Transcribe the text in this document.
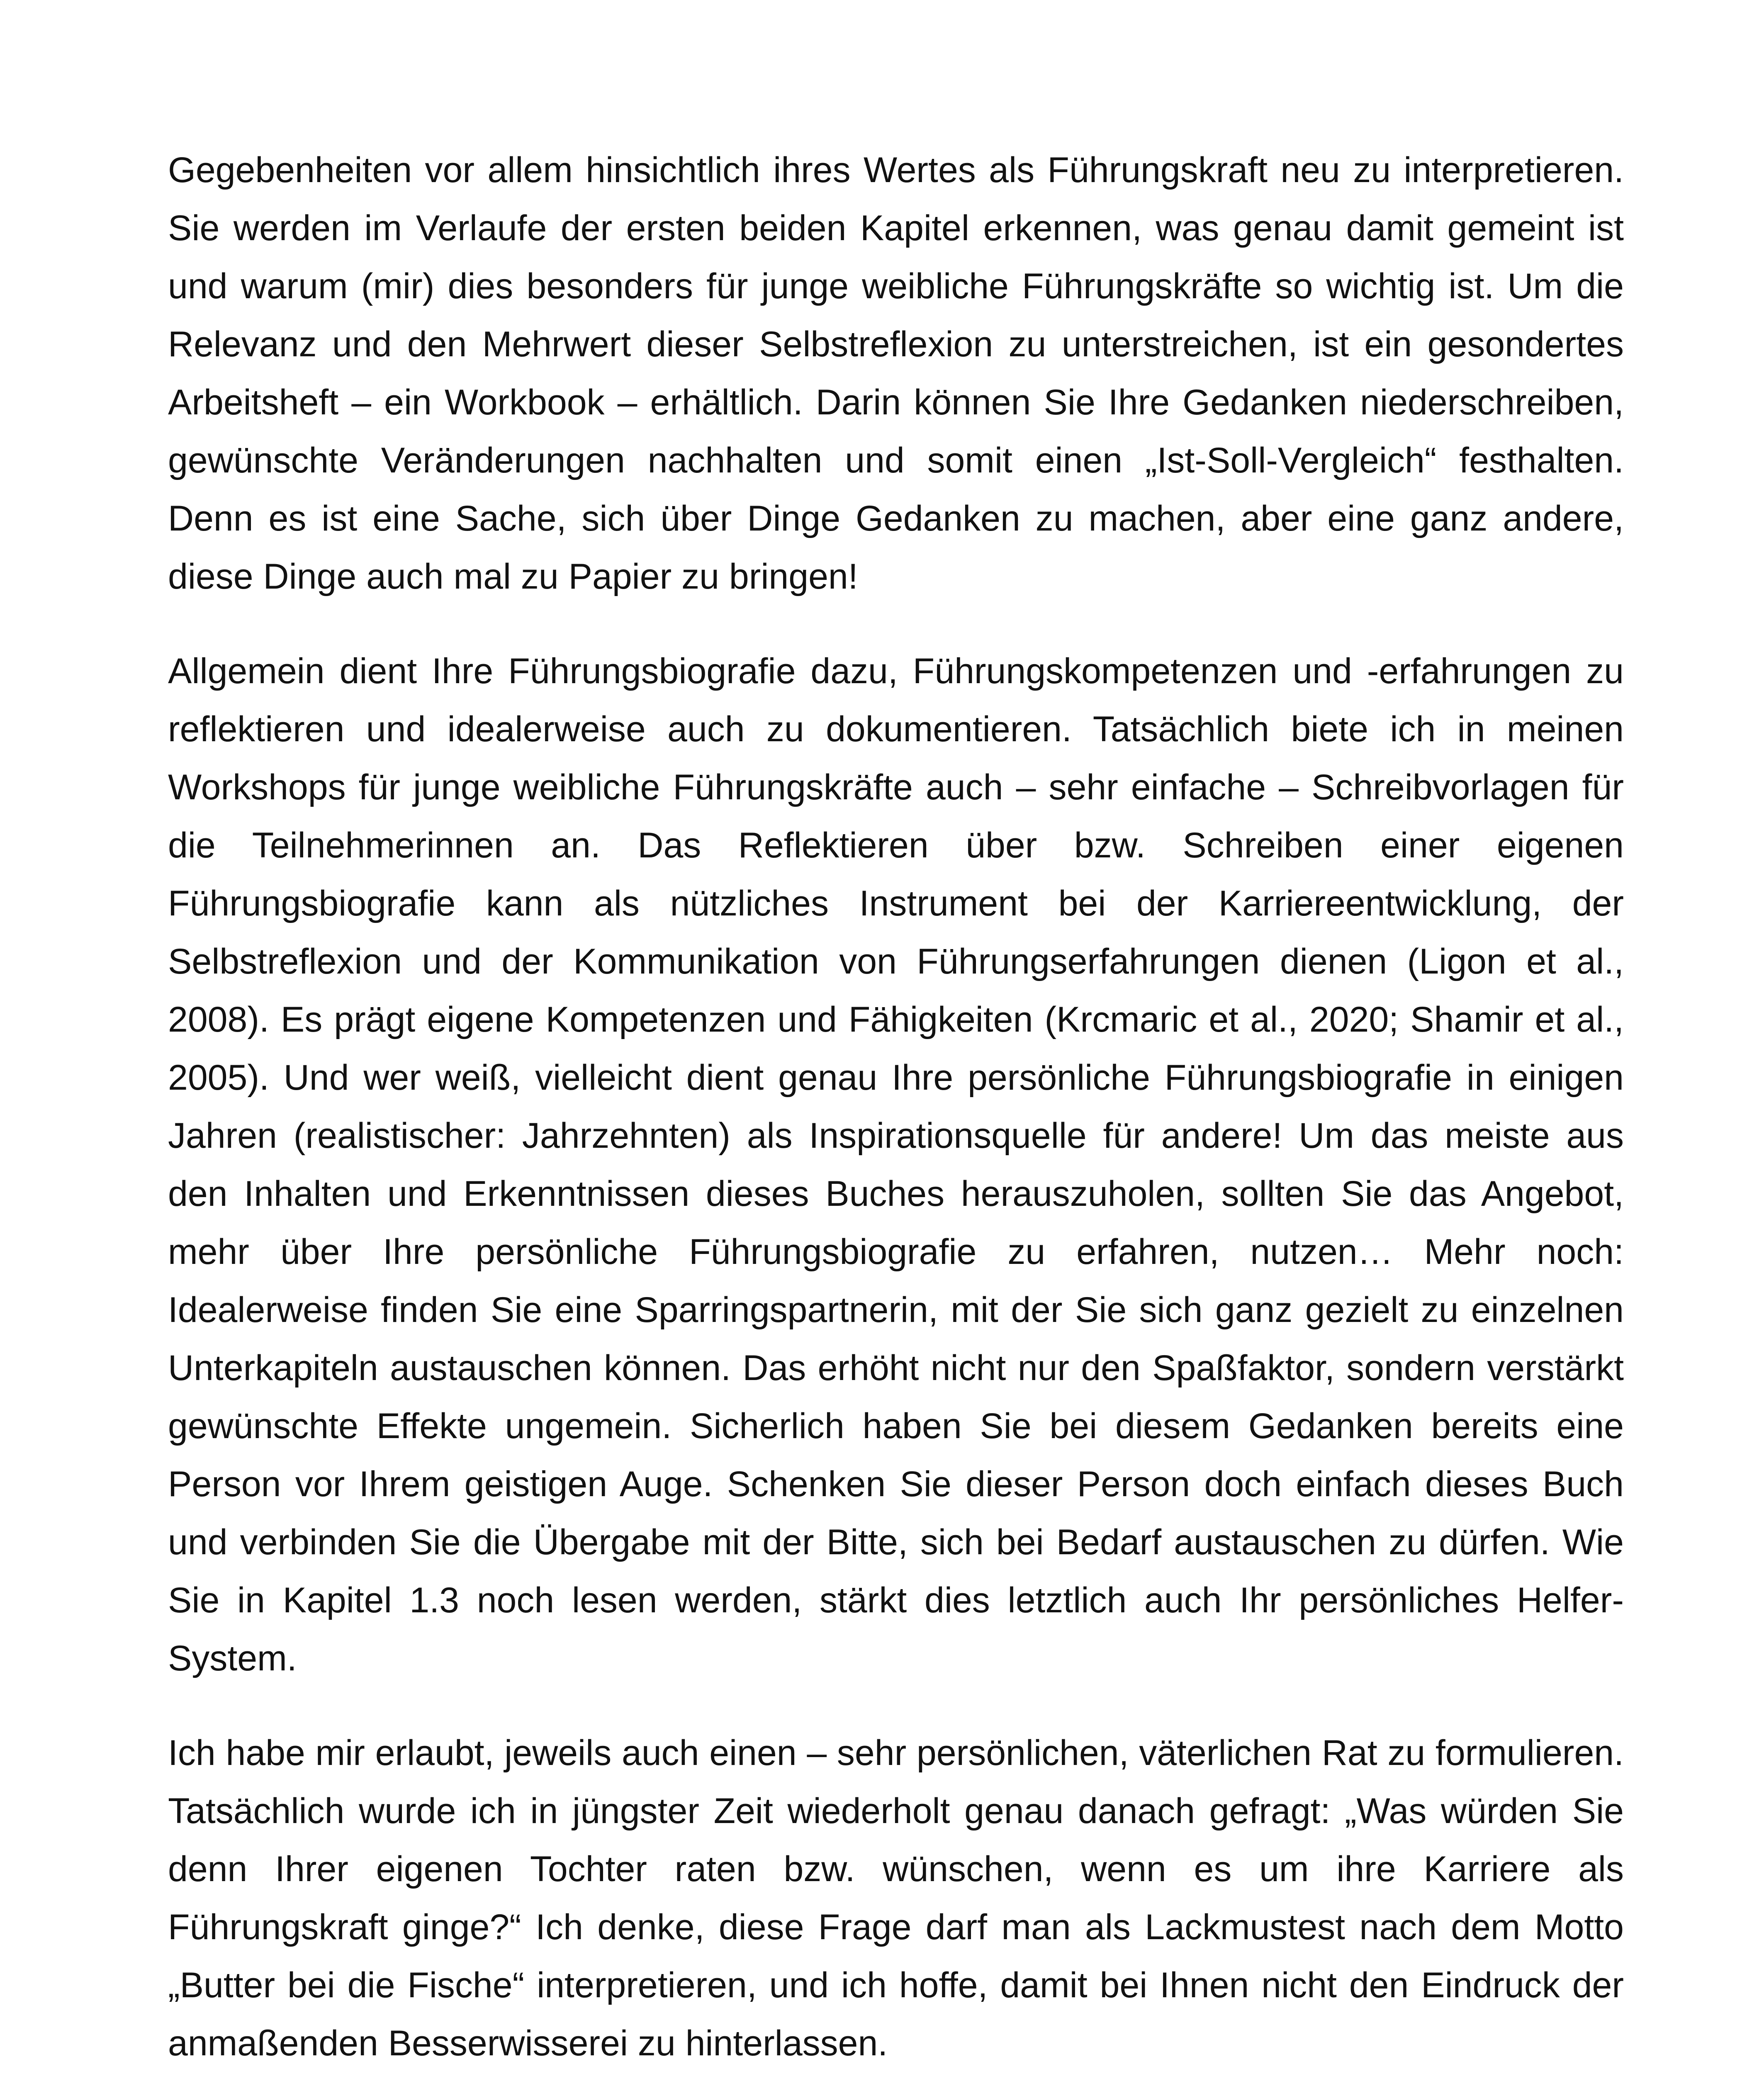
Gegebenheiten vor allem hinsichtlich ihres Wertes als Führungskraft neu zu interpretieren. Sie werden im Verlaufe der ersten beiden Kapitel erkennen, was genau damit gemeint ist und warum (mir) dies besonders für junge weibliche Führungskräfte so wichtig ist. Um die Relevanz und den Mehrwert dieser Selbstreflexion zu unterstreichen, ist ein gesondertes Arbeitsheft – ein Workbook – erhältlich. Darin können Sie Ihre Gedanken niederschreiben, gewünschte Veränderungen nachhalten und somit einen „Ist-Soll-Vergleich“ festhalten. Denn es ist eine Sache, sich über Dinge Gedanken zu machen, aber eine ganz andere, diese Dinge auch mal zu Papier zu bringen!

Allgemein dient Ihre Führungsbiografie dazu, Führungskompetenzen und -erfahrungen zu reflektieren und idealerweise auch zu dokumentieren. Tatsächlich biete ich in meinen Workshops für junge weibliche Führungskräfte auch – sehr einfache – Schreibvorlagen für die Teilnehmerinnen an. Das Reflektieren über bzw. Schreiben einer eigenen Führungsbiografie kann als nützliches Instrument bei der Karriereentwicklung, der Selbstreflexion und der Kommunikation von Führungserfahrungen dienen (Ligon et al., 2008). Es prägt eigene Kompetenzen und Fähigkeiten (Krcmaric et al., 2020; Shamir et al., 2005). Und wer weiß, vielleicht dient genau Ihre persönliche Führungsbiografie in einigen Jahren (realistischer: Jahrzehnten) als Inspirationsquelle für andere! Um das meiste aus den Inhalten und Erkenntnissen dieses Buches herauszuholen, sollten Sie das Angebot, mehr über Ihre persönliche Führungsbiografie zu erfahren, nutzen… Mehr noch: Idealerweise finden Sie eine Sparringspartnerin, mit der Sie sich ganz gezielt zu einzelnen Unterkapiteln austauschen können. Das erhöht nicht nur den Spaßfaktor, sondern verstärkt gewünschte Effekte ungemein. Sicherlich haben Sie bei diesem Gedanken bereits eine Person vor Ihrem geistigen Auge. Schenken Sie dieser Person doch einfach dieses Buch und verbinden Sie die Übergabe mit der Bitte, sich bei Bedarf austauschen zu dürfen. Wie Sie in Kapitel 1.3 noch lesen werden, stärkt dies letztlich auch Ihr persönliches Helfer-System.

Ich habe mir erlaubt, jeweils auch einen – sehr persönlichen, väterlichen Rat zu formulieren. Tatsächlich wurde ich in jüngster Zeit wiederholt genau danach gefragt: „Was würden Sie denn Ihrer eigenen Tochter raten bzw. wünschen, wenn es um ihre Karriere als Führungskraft ginge?“ Ich denke, diese Frage darf man als Lackmustest nach dem Motto „Butter bei die Fische“ interpretieren, und ich hoffe, damit bei Ihnen nicht den Eindruck der anmaßenden Besserwisserei zu hinterlassen.
